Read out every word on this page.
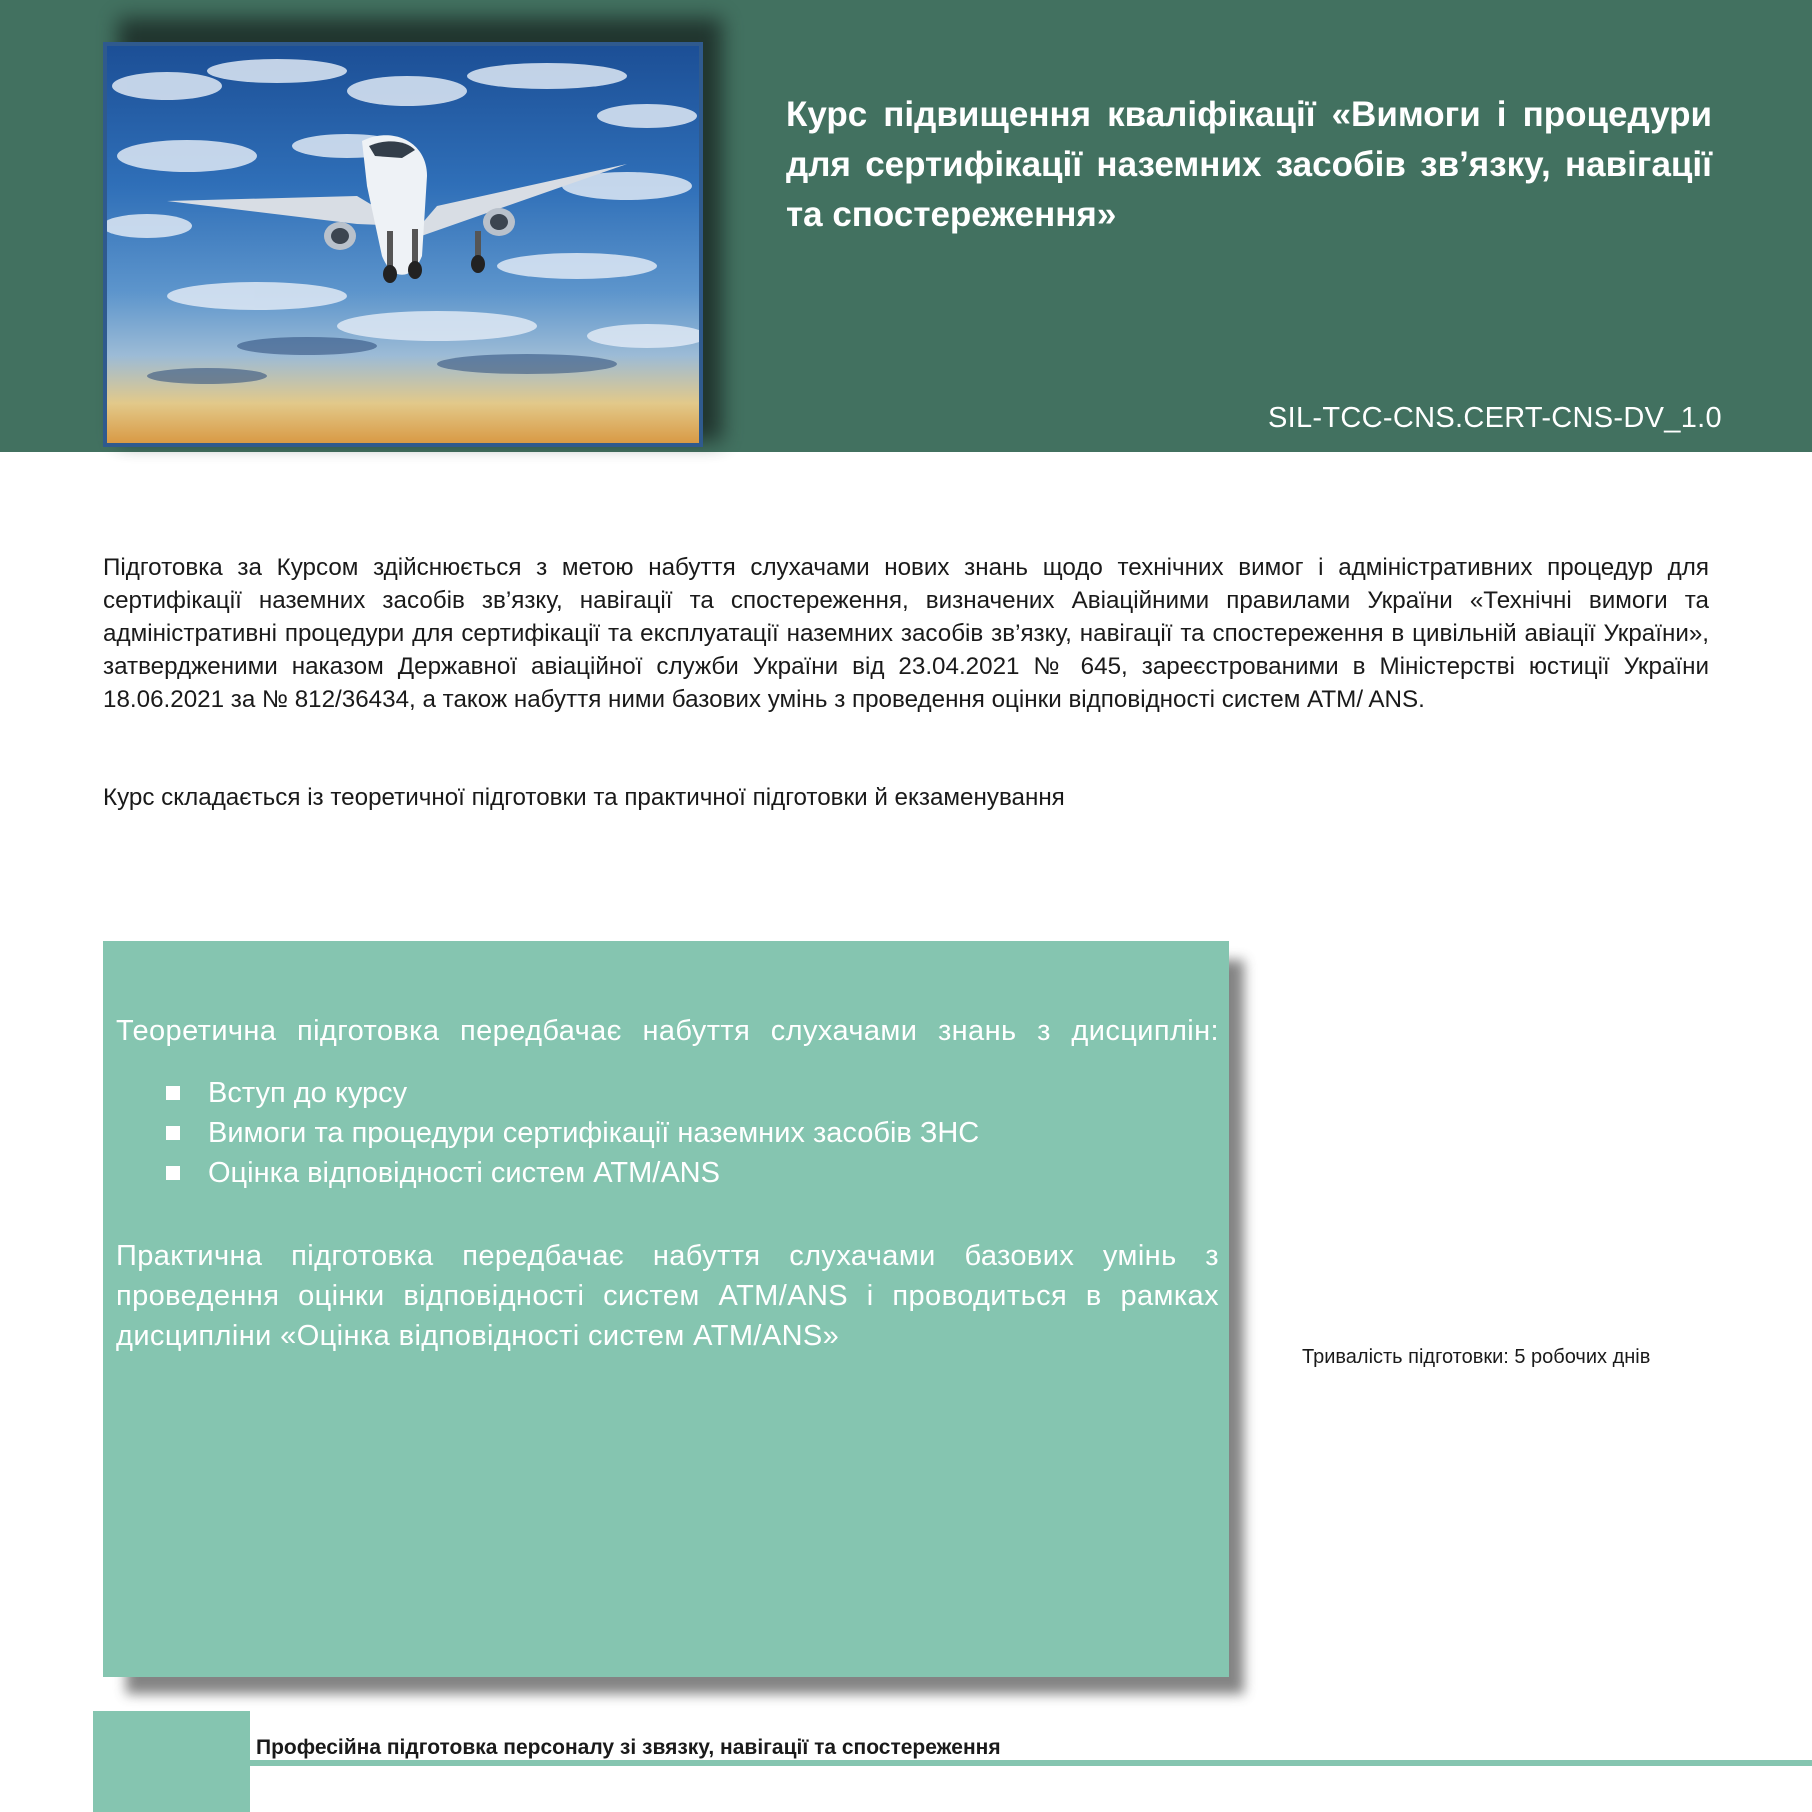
Курс підвищення кваліфікації «Вимоги і процедури для сертифікації наземних засобів зв’язку, навігації та спостереження»
SIL-TCC-CNS.CERT-CNS-DV_1.0
Підготовка за Курсом здійснюється з метою набуття слухачами нових знань щодо технічних вимог і адміністративних процедур для сертифікації наземних засобів зв’язку, навігації та спостереження, визначених Авіаційними правилами України «Технічні вимоги та адміністративні процедури для сертифікації та експлуатації наземних засобів зв’язку, навігації та спостереження в цивільній авіації України», затвердженими наказом Державної авіаційної служби України від 23.04.2021 № 645, зареєстрованими в Міністерстві юстиції України 18.06.2021 за № 812/36434, а також набуття ними базових умінь з проведення оцінки відповідності систем ATM/ ANS.
Курс складається із теоретичної підготовки та практичної підготовки й екзаменування

Теоретична підготовка передбачає набуття слухачами знань з дисциплін:

Вступ до курсу
Вимоги та процедури сертифікації наземних засобів ЗНС
Оцінка відповідності систем ATM/ANS

Практична підготовка передбачає набуття слухачами базових умінь з проведення оцінки відповідності систем ATM/ANS і проводиться в рамках дисципліни «Оцінка відповідності систем ATM/ANS»

Тривалість підготовки: 5 робочих днів
Професійна підготовка персоналу зі звязку, навігації та спостереження
